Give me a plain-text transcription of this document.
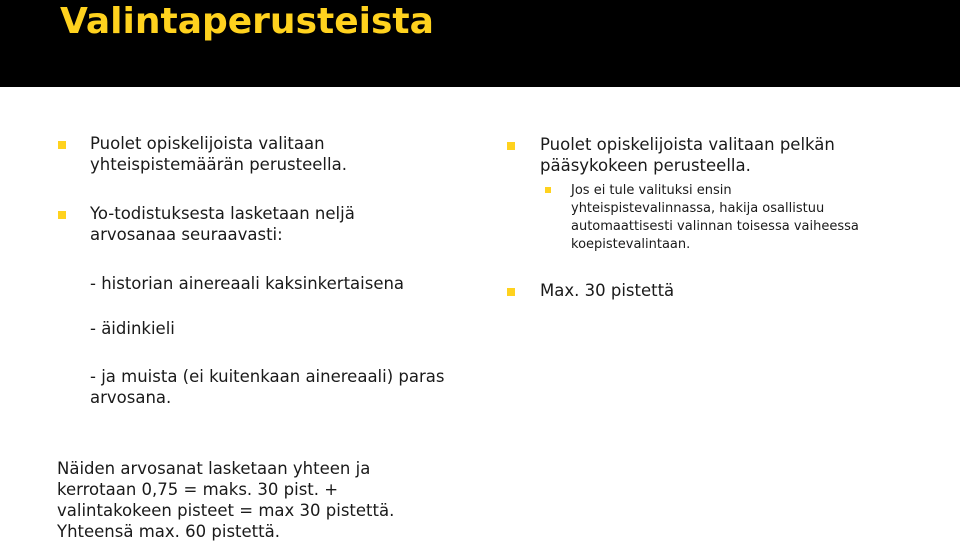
Valintaperusteista
Puolet opiskelijoista valitaan yhteispistemäärän perusteella.
Yo-todistuksesta lasketaan neljä arvosanaa seuraavasti:
- historian ainereaali kaksinkertaisena
- äidinkieli
- ja muista (ei kuitenkaan ainereaali) paras arvosana.
Näiden arvosanat lasketaan yhteen ja kerrotaan 0,75 = maks. 30 pist. + valintakokeen pisteet = max 30 pistettä. Yhteensä max. 60 pistettä.
Puolet opiskelijoista valitaan pelkän pääsykokeen perusteella.
Jos ei tule valituksi ensin yhteispistevalinnassa, hakija osallistuu automaattisesti valinnan toisessa vaiheessa koepistevalintaan.
Max. 30 pistettä
